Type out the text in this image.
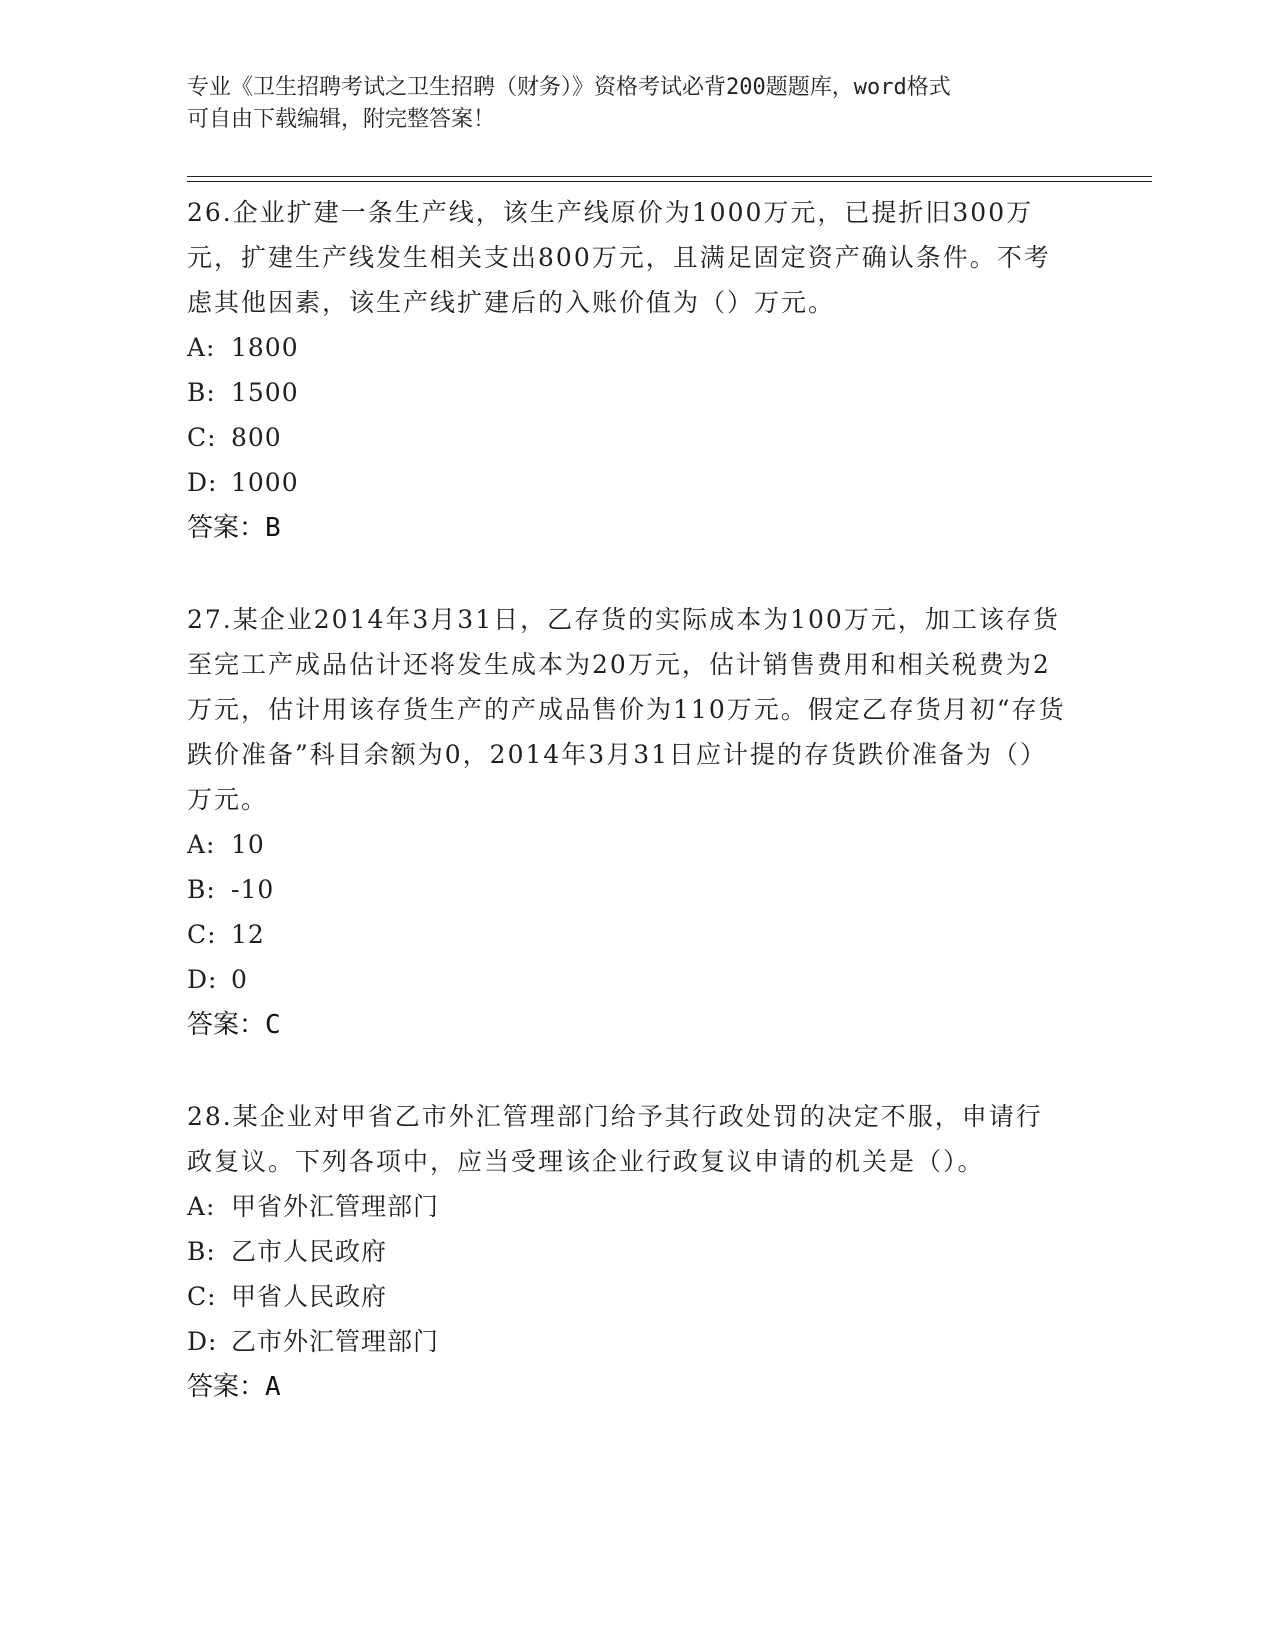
专业《卫生招聘考试之卫生招聘（财务）》资格考试必背200题题库，word格式
可自由下载编辑，附完整答案！

26.企业扩建一条生产线，该生产线原价为1000万元，已提折旧300万元，扩建生产线发生相关支出800万元，且满足固定资产确认条件。不考虑其他因素，该生产线扩建后的入账价值为（）万元。

A: 1800
B: 1500
C: 800
D: 1000
答案：B

27.某企业2014年3月31日，乙存货的实际成本为100万元，加工该存货至完工产成品估计还将发生成本为20万元，估计销售费用和相关税费为2万元，估计用该存货生产的产成品售价为110万元。假定乙存货月初“存货跌价准备”科目余额为0，2014年3月31日应计提的存货跌价准备为（）万元。

A: 10
B: -10
C: 12
D: 0
答案：C

28.某企业对甲省乙市外汇管理部门给予其行政处罚的决定不服，申请行政复议。下列各项中，应当受理该企业行政复议申请的机关是（）。

A: 甲省外汇管理部门
B: 乙市人民政府
C: 甲省人民政府
D: 乙市外汇管理部门
答案：A
